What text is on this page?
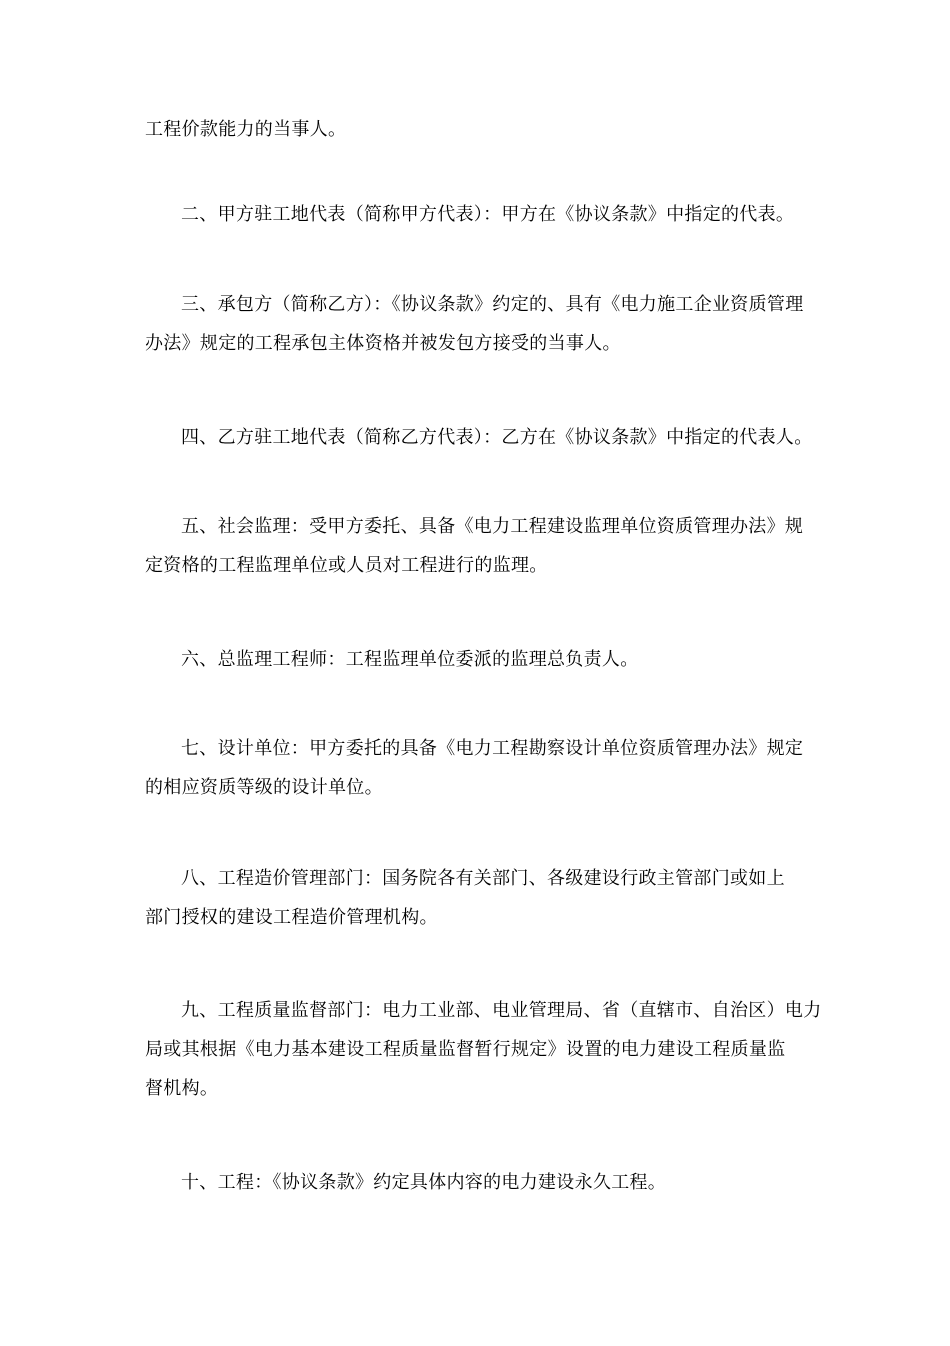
工程价款能力的当事人。
二、甲方驻工地代表（简称甲方代表）：甲方在《协议条款》中指定的代表。
三、承包方（简称乙方）：《协议条款》约定的、具有《电力施工企业资质管理
办法》规定的工程承包主体资格并被发包方接受的当事人。
四、乙方驻工地代表（简称乙方代表）：乙方在《协议条款》中指定的代表人。
五、社会监理：受甲方委托、具备《电力工程建设监理单位资质管理办法》规
定资格的工程监理单位或人员对工程进行的监理。
六、总监理工程师：工程监理单位委派的监理总负责人。
七、设计单位：甲方委托的具备《电力工程勘察设计单位资质管理办法》规定
的相应资质等级的设计单位。
八、工程造价管理部门：国务院各有关部门、各级建设行政主管部门或如上
部门授权的建设工程造价管理机构。
九、工程质量监督部门：电力工业部、电业管理局、省（直辖市、自治区）电力
局或其根据《电力基本建设工程质量监督暂行规定》设置的电力建设工程质量监
督机构。
十、工程：《协议条款》约定具体内容的电力建设永久工程。
